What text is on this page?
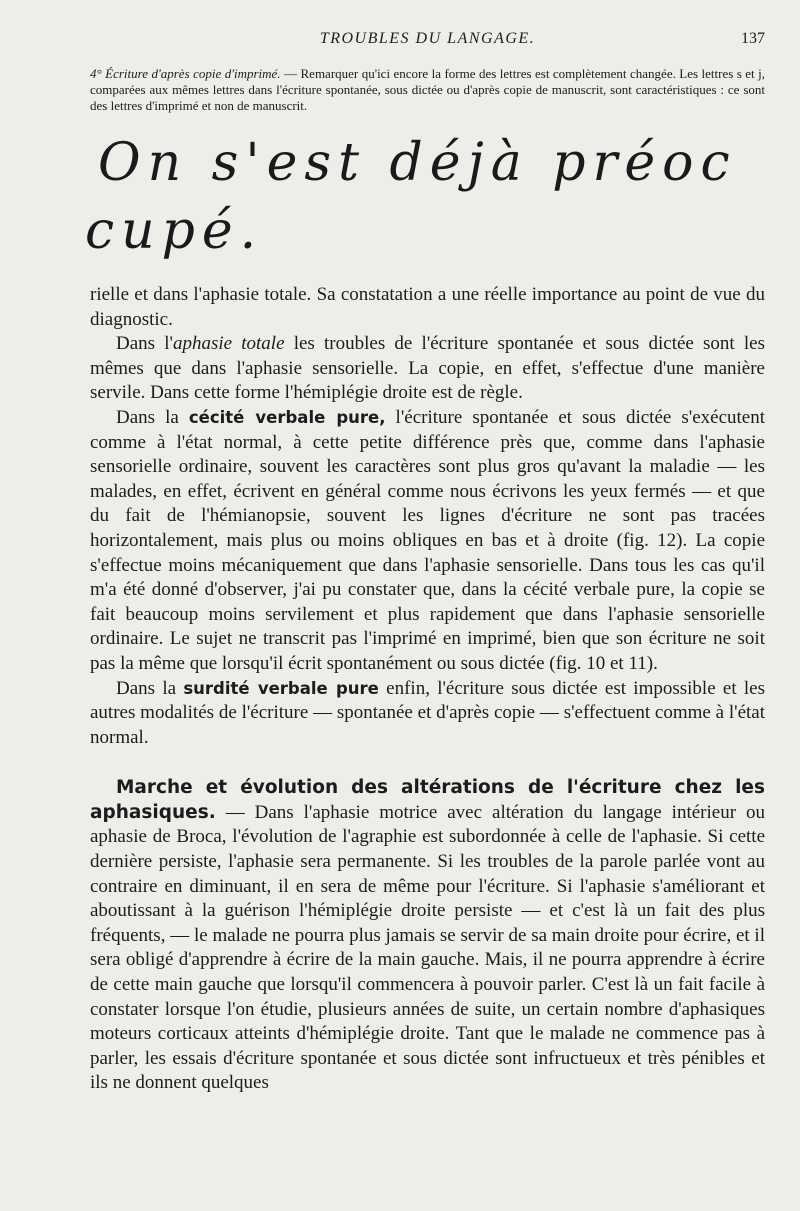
TROUBLES DU LANGAGE.	137
4° Écriture d'après copie d'imprimé. — Remarquer qu'ici encore la forme des lettres est complètement changée. Les lettres s et j, comparées aux mêmes lettres dans l'écriture spontanée, sous dictée ou d'après copie de manuscrit, sont caractéristiques : ce sont des lettres d'imprimé et non de manuscrit.
On s'est déjà préoc
cupé.

rielle et dans l'aphasie totale. Sa constatation a une réelle importance au point de vue du diagnostic.

Dans l'aphasie totale les troubles de l'écriture spontanée et sous dictée sont les mêmes que dans l'aphasie sensorielle. La copie, en effet, s'effectue d'une manière servile. Dans cette forme l'hémiplégie droite est de règle.

Dans la cécité verbale pure, l'écriture spontanée et sous dictée s'exécutent comme à l'état normal, à cette petite différence près que, comme dans l'aphasie sensorielle ordinaire, souvent les caractères sont plus gros qu'avant la maladie — les malades, en effet, écrivent en général comme nous écrivons les yeux fermés — et que du fait de l'hémianopsie, souvent les lignes d'écriture ne sont pas tracées horizontalement, mais plus ou moins obliques en bas et à droite (fig. 12). La copie s'effectue moins mécaniquement que dans l'aphasie sensorielle. Dans tous les cas qu'il m'a été donné d'observer, j'ai pu constater que, dans la cécité verbale pure, la copie se fait beaucoup moins servilement et plus rapidement que dans l'aphasie sensorielle ordinaire. Le sujet ne transcrit pas l'imprimé en imprimé, bien que son écriture ne soit pas la même que lorsqu'il écrit spontanément ou sous dictée (fig. 10 et 11).

Dans la surdité verbale pure enfin, l'écriture sous dictée est impossible et les autres modalités de l'écriture — spontanée et d'après copie — s'effectuent comme à l'état normal.

Marche et évolution des altérations de l'écriture chez les aphasiques. — Dans l'aphasie motrice avec altération du langage intérieur ou aphasie de Broca, l'évolution de l'agraphie est subordonnée à celle de l'aphasie. Si cette dernière persiste, l'aphasie sera permanente. Si les troubles de la parole parlée vont au contraire en diminuant, il en sera de même pour l'écriture. Si l'aphasie s'améliorant et aboutissant à la guérison l'hémiplégie droite persiste — et c'est là un fait des plus fréquents, — le malade ne pourra plus jamais se servir de sa main droite pour écrire, et il sera obligé d'apprendre à écrire de la main gauche. Mais, il ne pourra apprendre à écrire de cette main gauche que lorsqu'il commencera à pouvoir parler. C'est là un fait facile à constater lorsque l'on étudie, plusieurs années de suite, un certain nombre d'aphasiques moteurs corticaux atteints d'hémiplégie droite. Tant que le malade ne commence pas à parler, les essais d'écriture spontanée et sous dictée sont infructueux et très pénibles et ils ne donnent quelques
